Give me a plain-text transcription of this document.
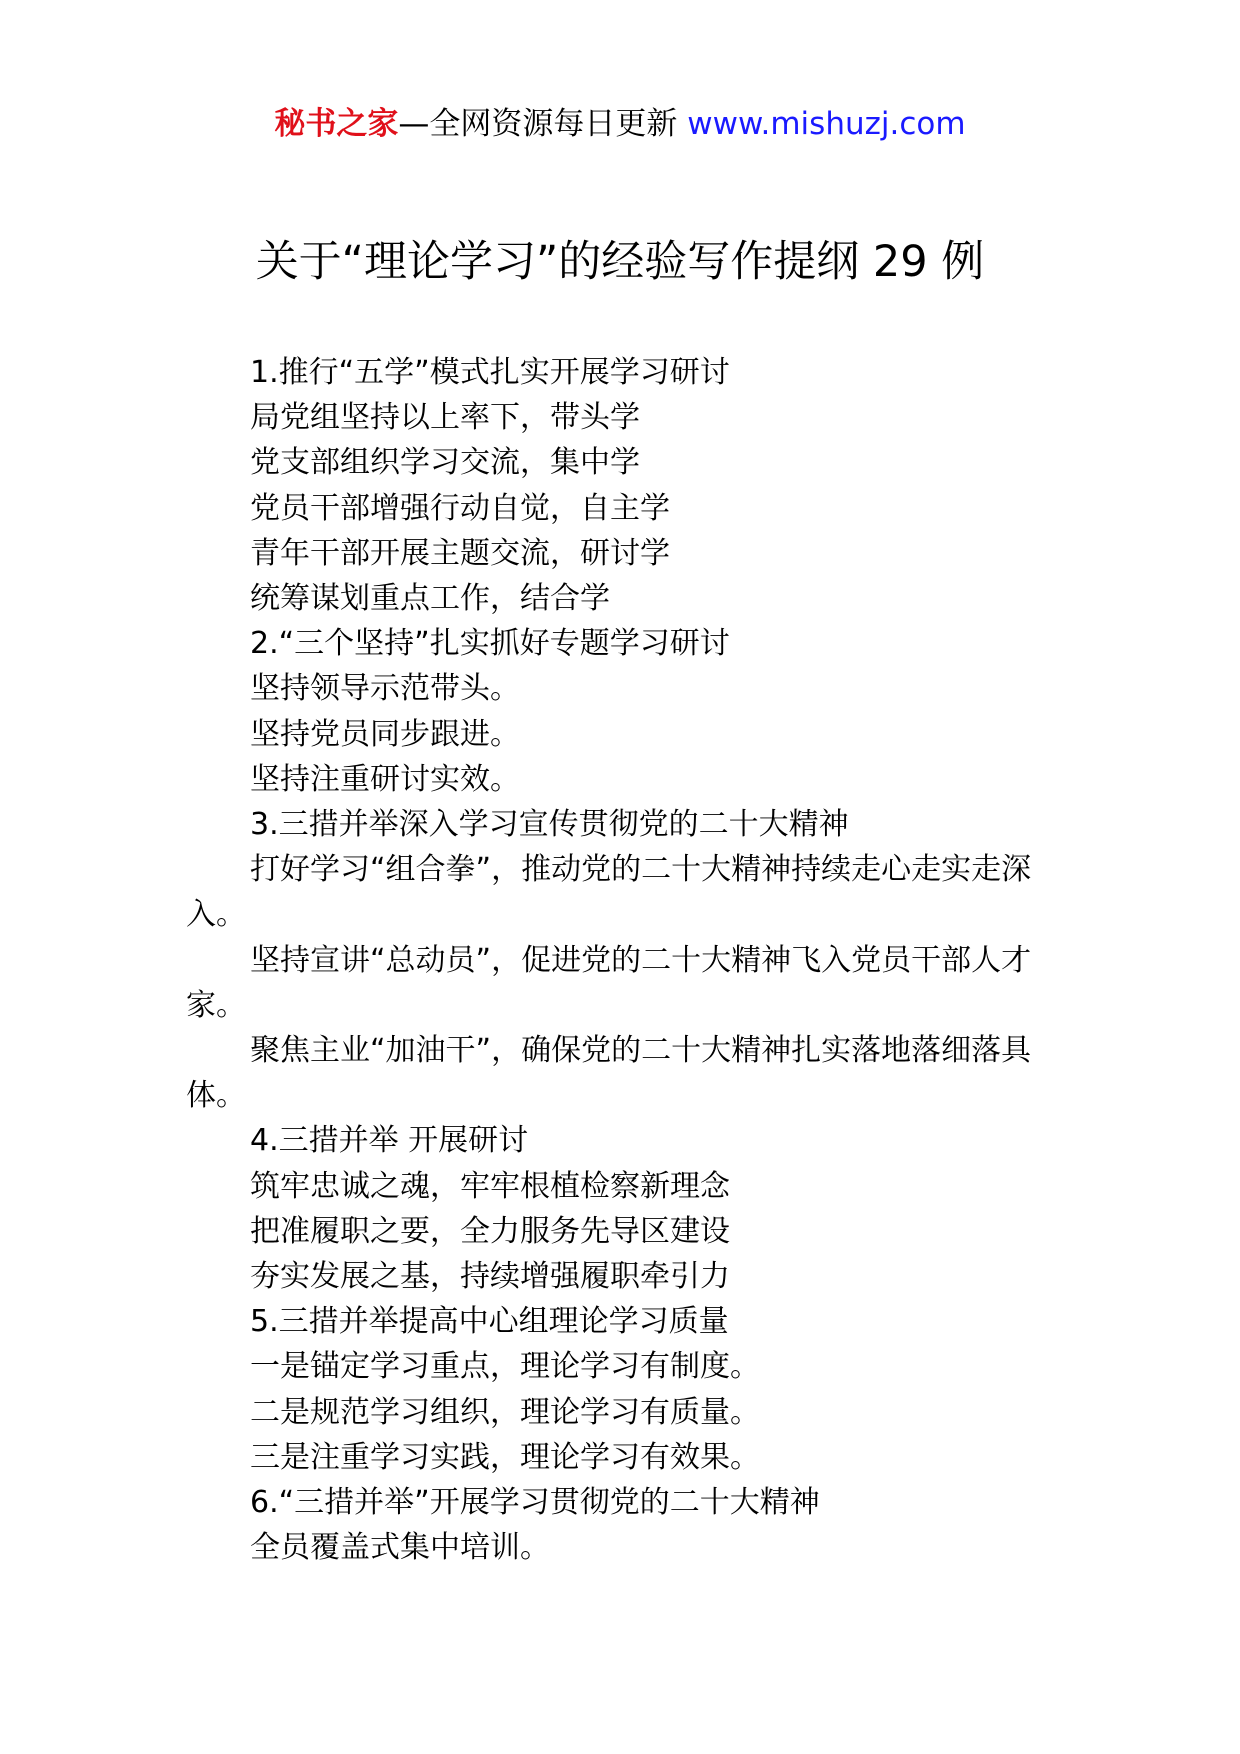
秘书之家—全网资源每日更新 www.mishuzj.com
关于“理论学习”的经验写作提纲 29 例
1.推行“五学”模式扎实开展学习研讨
局党组坚持以上率下，带头学
党支部组织学习交流，集中学
党员干部增强行动自觉，自主学
青年干部开展主题交流，研讨学
统筹谋划重点工作，结合学
2.“三个坚持”扎实抓好专题学习研讨
坚持领导示范带头。
坚持党员同步跟进。
坚持注重研讨实效。
3.三措并举深入学习宣传贯彻党的二十大精神
打好学习“组合拳”，推动党的二十大精神持续走心走实走深入。
坚持宣讲“总动员”，促进党的二十大精神飞入党员干部人才家。
聚焦主业“加油干”，确保党的二十大精神扎实落地落细落具体。
4.三措并举 开展研讨
筑牢忠诚之魂，牢牢根植检察新理念
把准履职之要，全力服务先导区建设
夯实发展之基，持续增强履职牵引力
5.三措并举提高中心组理论学习质量
一是锚定学习重点，理论学习有制度。
二是规范学习组织，理论学习有质量。
三是注重学习实践，理论学习有效果。
6.“三措并举”开展学习贯彻党的二十大精神
全员覆盖式集中培训。
